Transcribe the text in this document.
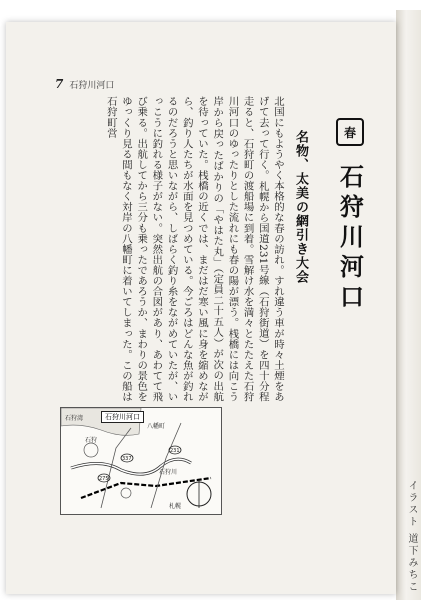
イラスト 道下みちこ
7 石狩川河口
春
石狩川河口
名物、太美の網引き大会
北国にもようやく本格的な春の訪れ。すれ違う車が時々土煙をあげて去って行く。札幌から国道231号線（石狩街道）を四十分程走ると、石狩町の渡船場に到着。雪解け水を満々とたたえた石狩川河口のゆったりとした流れにも春の陽が漂う。桟橋には向こう岸から戻ったばかりの「やはた丸」（定員二十五人）が次の出航を待っていた。桟橋の近くでは、まだはだ寒い風に身を縮めながら、釣り人たちが水面を見つめている。今ごろはどんな魚が釣れるのだろうと思いながら、しばらく釣り糸をながめていたが、いっこうに釣れる様子がない。突然出航の合図があり、あわてて飛び乗る。出航してから三分も乗ったであろうか、まわりの景色をゆっくり見る間もなく対岸の八幡町に着いてしまった。この船は石狩町営
石狩湾
八幡町
石狩
石狩川
札幌
231
337
275
石狩川河口
